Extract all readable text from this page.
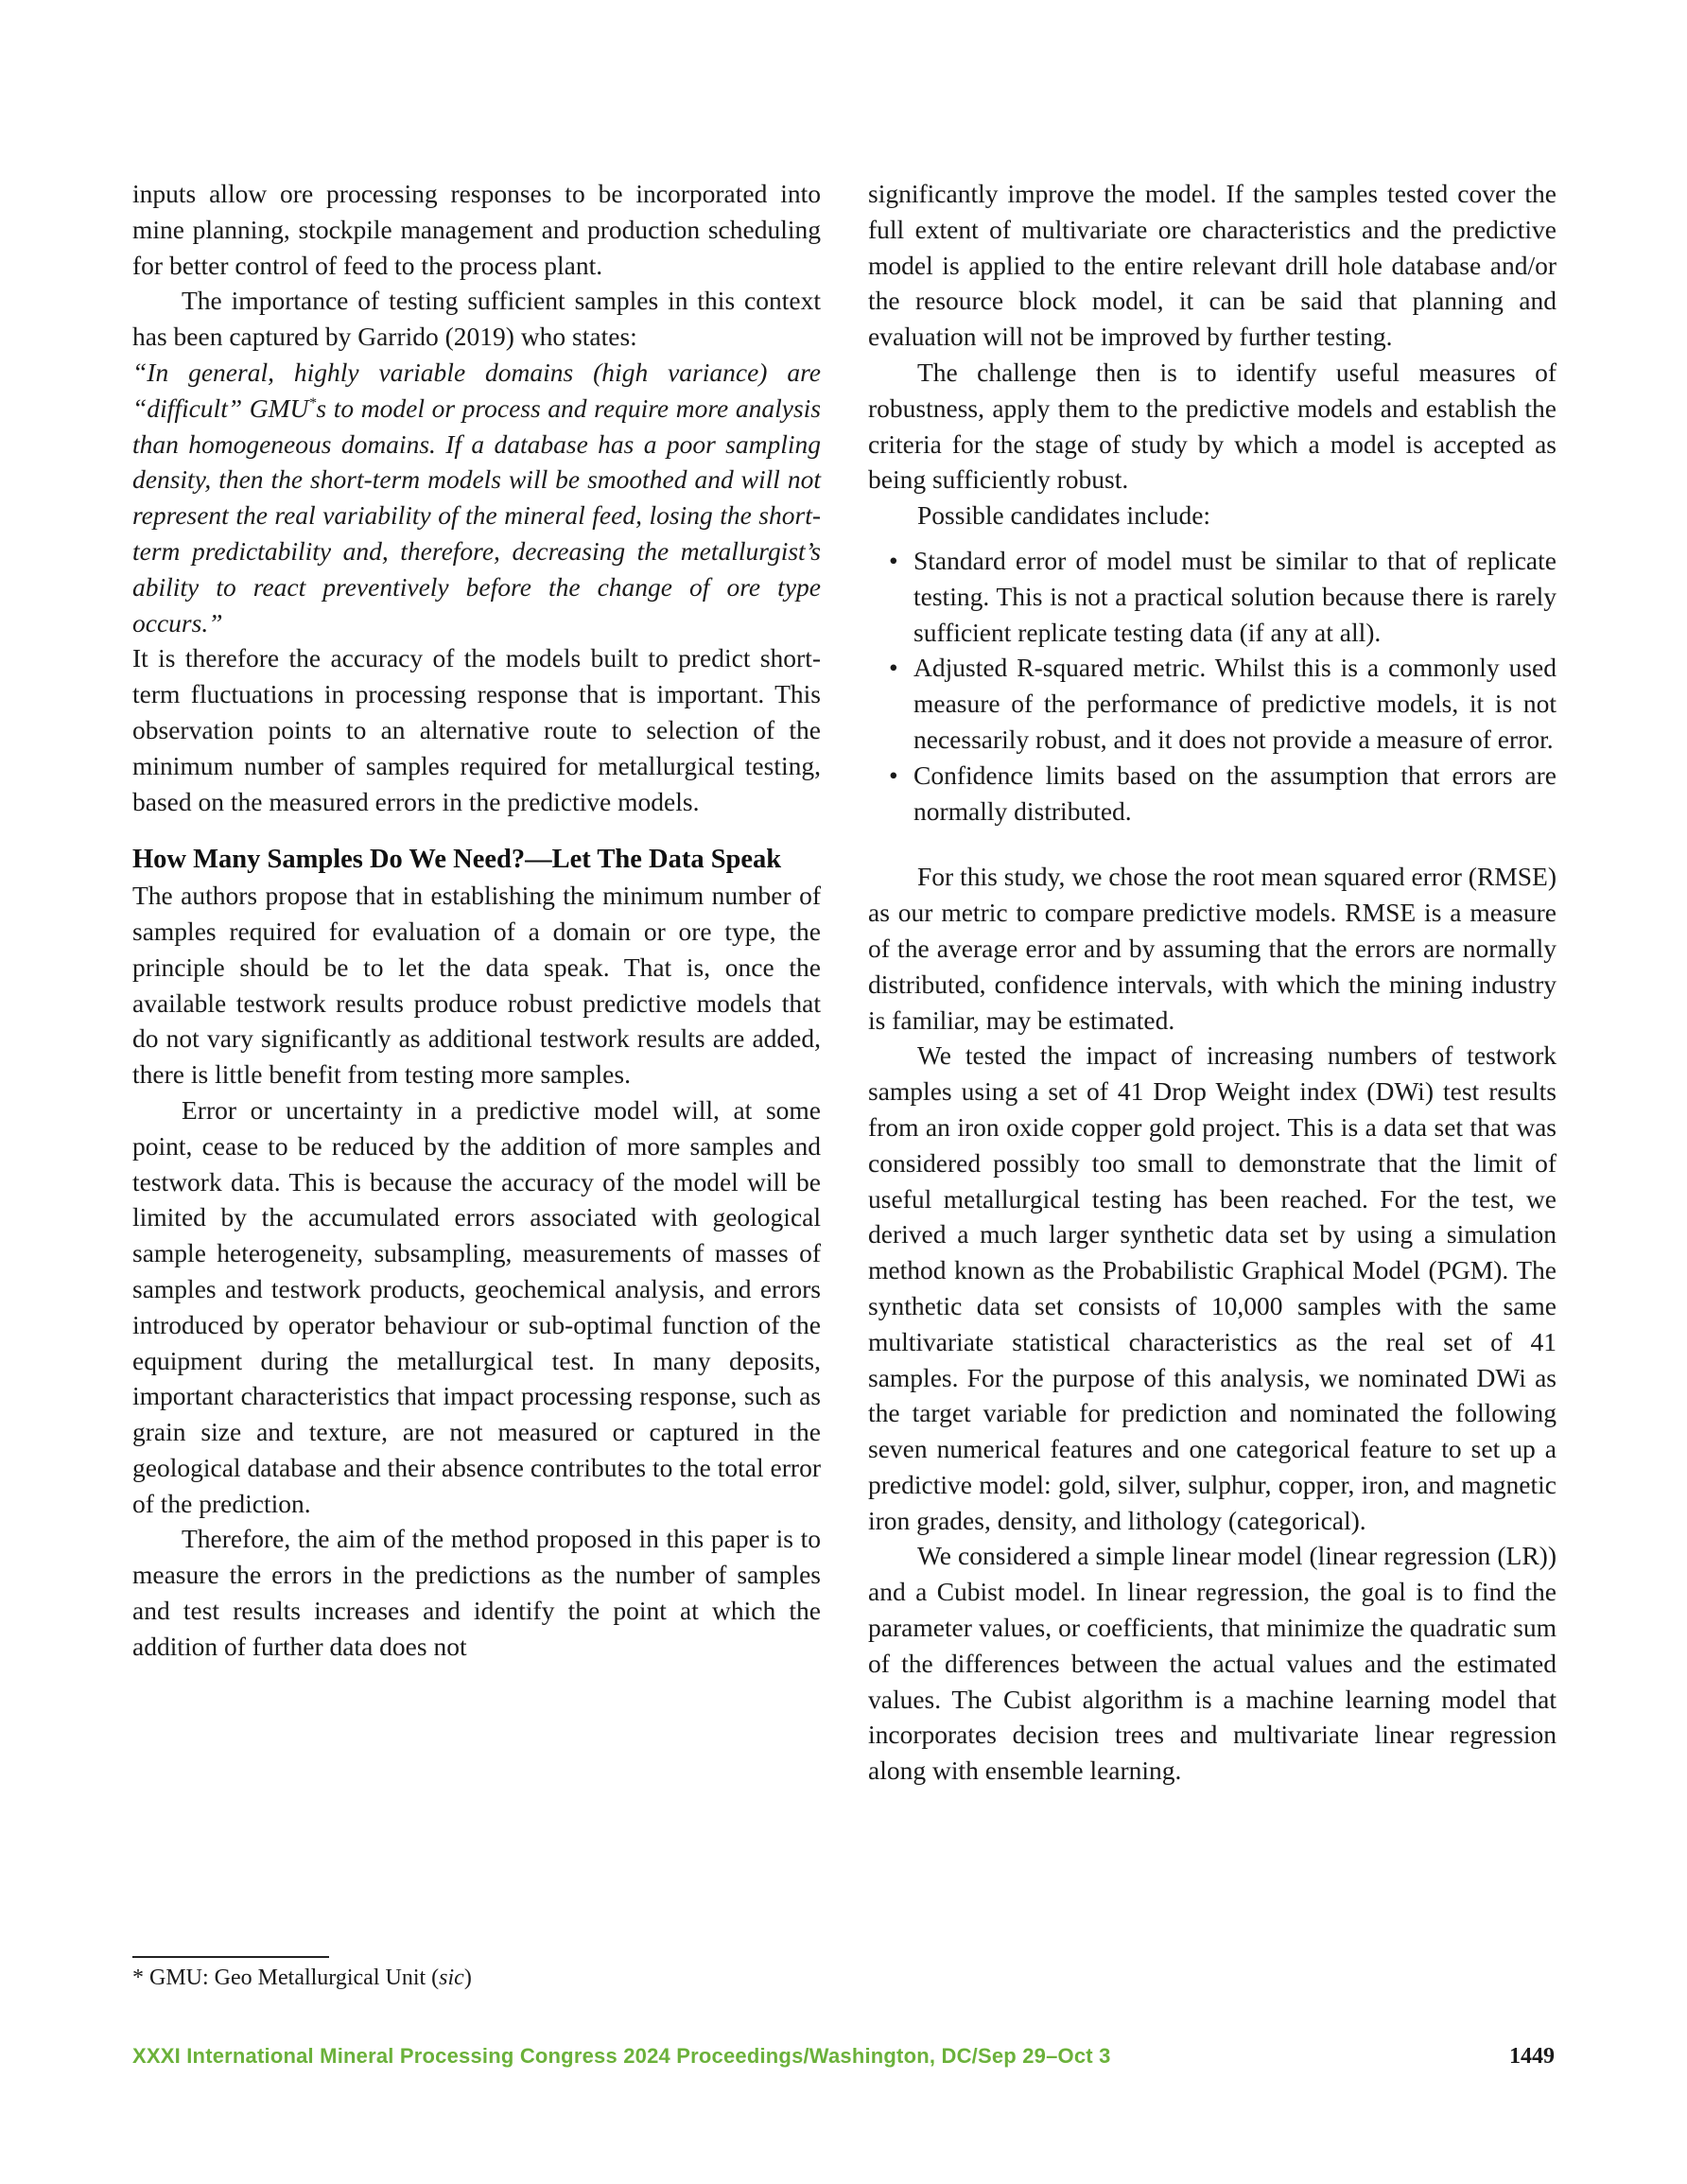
inputs allow ore processing responses to be incorporated into mine planning, stockpile management and production scheduling for better control of feed to the process plant.

The importance of testing sufficient samples in this context has been captured by Garrido (2019) who states:

“In general, highly variable domains (high variance) are “difficult” GMU*s to model or process and require more analysis than homogeneous domains. If a database has a poor sampling density, then the short-term models will be smoothed and will not represent the real variability of the mineral feed, losing the short-term predictability and, therefore, decreasing the metallurgist’s ability to react preventively before the change of ore type occurs.”

It is therefore the accuracy of the models built to predict short-term fluctuations in processing response that is important. This observation points to an alternative route to selection of the minimum number of samples required for metallurgical testing, based on the measured errors in the predictive models.

How Many Samples Do We Need?—Let The Data Speak

The authors propose that in establishing the minimum number of samples required for evaluation of a domain or ore type, the principle should be to let the data speak. That is, once the available testwork results produce robust predictive models that do not vary significantly as additional testwork results are added, there is little benefit from testing more samples.

Error or uncertainty in a predictive model will, at some point, cease to be reduced by the addition of more samples and testwork data. This is because the accuracy of the model will be limited by the accumulated errors associated with geological sample heterogeneity, subsampling, measurements of masses of samples and testwork products, geochemical analysis, and errors introduced by operator behaviour or sub-optimal function of the equipment during the metallurgical test. In many deposits, important characteristics that impact processing response, such as grain size and texture, are not measured or captured in the geological database and their absence contributes to the total error of the prediction.

Therefore, the aim of the method proposed in this paper is to measure the errors in the predictions as the number of samples and test results increases and identify the point at which the addition of further data does not

significantly improve the model. If the samples tested cover the full extent of multivariate ore characteristics and the predictive model is applied to the entire relevant drill hole database and/or the resource block model, it can be said that planning and evaluation will not be improved by further testing.

The challenge then is to identify useful measures of robustness, apply them to the predictive models and establish the criteria for the stage of study by which a model is accepted as being sufficiently robust.

Possible candidates include:

• Standard error of model must be similar to that of replicate testing. This is not a practical solution because there is rarely sufficient replicate testing data (if any at all).
• Adjusted R-squared metric. Whilst this is a commonly used measure of the performance of predictive models, it is not necessarily robust, and it does not provide a measure of error.
• Confidence limits based on the assumption that errors are normally distributed.

For this study, we chose the root mean squared error (RMSE) as our metric to compare predictive models. RMSE is a measure of the average error and by assuming that the errors are normally distributed, confidence intervals, with which the mining industry is familiar, may be estimated.

We tested the impact of increasing numbers of testwork samples using a set of 41 Drop Weight index (DWi) test results from an iron oxide copper gold project. This is a data set that was considered possibly too small to demonstrate that the limit of useful metallurgical testing has been reached. For the test, we derived a much larger synthetic data set by using a simulation method known as the Probabilistic Graphical Model (PGM). The synthetic data set consists of 10,000 samples with the same multivariate statistical characteristics as the real set of 41 samples. For the purpose of this analysis, we nominated DWi as the target variable for prediction and nominated the following seven numerical features and one categorical feature to set up a predictive model: gold, silver, sulphur, copper, iron, and magnetic iron grades, density, and lithology (categorical).

We considered a simple linear model (linear regression (LR)) and a Cubist model. In linear regression, the goal is to find the parameter values, or coefficients, that minimize the quadratic sum of the differences between the actual values and the estimated values. The Cubist algorithm is a machine learning model that incorporates decision trees and multivariate linear regression along with ensemble learning.

* GMU: Geo Metallurgical Unit (sic)
XXXI International Mineral Processing Congress 2024 Proceedings/Washington, DC/Sep 29–Oct 3	1449
